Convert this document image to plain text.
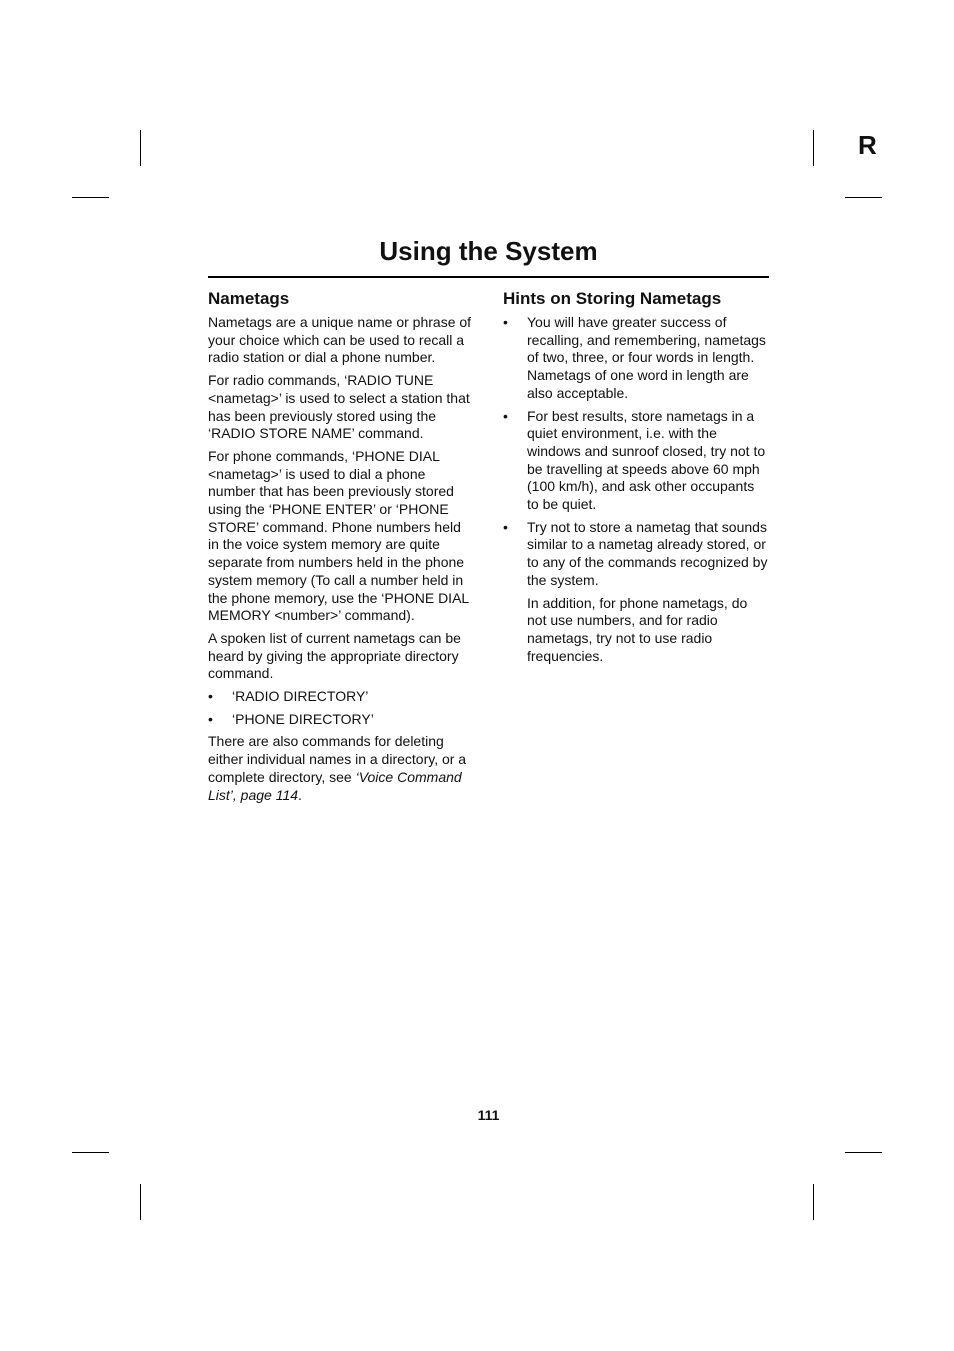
R
Using the System
Nametags

Nametags are a unique name or phrase of your choice which can be used to recall a radio station or dial a phone number.

For radio commands, ‘RADIO TUNE <nametag>’ is used to select a station that has been previously stored using the ‘RADIO STORE NAME’ command.

For phone commands, ‘PHONE DIAL <nametag>’ is used to dial a phone number that has been previously stored using the ‘PHONE ENTER’ or ‘PHONE STORE’ command. Phone numbers held in the voice system memory are quite separate from numbers held in the phone system memory (To call a number held in the phone memory, use the ‘PHONE DIAL MEMORY <number>’ command).

A spoken list of current nametags can be heard by giving the appropriate directory command.

• ‘RADIO DIRECTORY’
• ‘PHONE DIRECTORY’

There are also commands for deleting either individual names in a directory, or a complete directory, see ‘Voice Command List’, page 114.

Hints on Storing Nametags
• You will have greater success of recalling, and remembering, nametags of two, three, or four words in length. Nametags of one word in length are also acceptable.
• For best results, store nametags in a quiet environment, i.e. with the windows and sunroof closed, try not to be travelling at speeds above 60 mph (100 km/h), and ask other occupants to be quiet.
• Try not to store a nametag that sounds similar to a nametag already stored, or to any of the commands recognized by the system.

In addition, for phone nametags, do not use numbers, and for radio nametags, try not to use radio frequencies.

111
